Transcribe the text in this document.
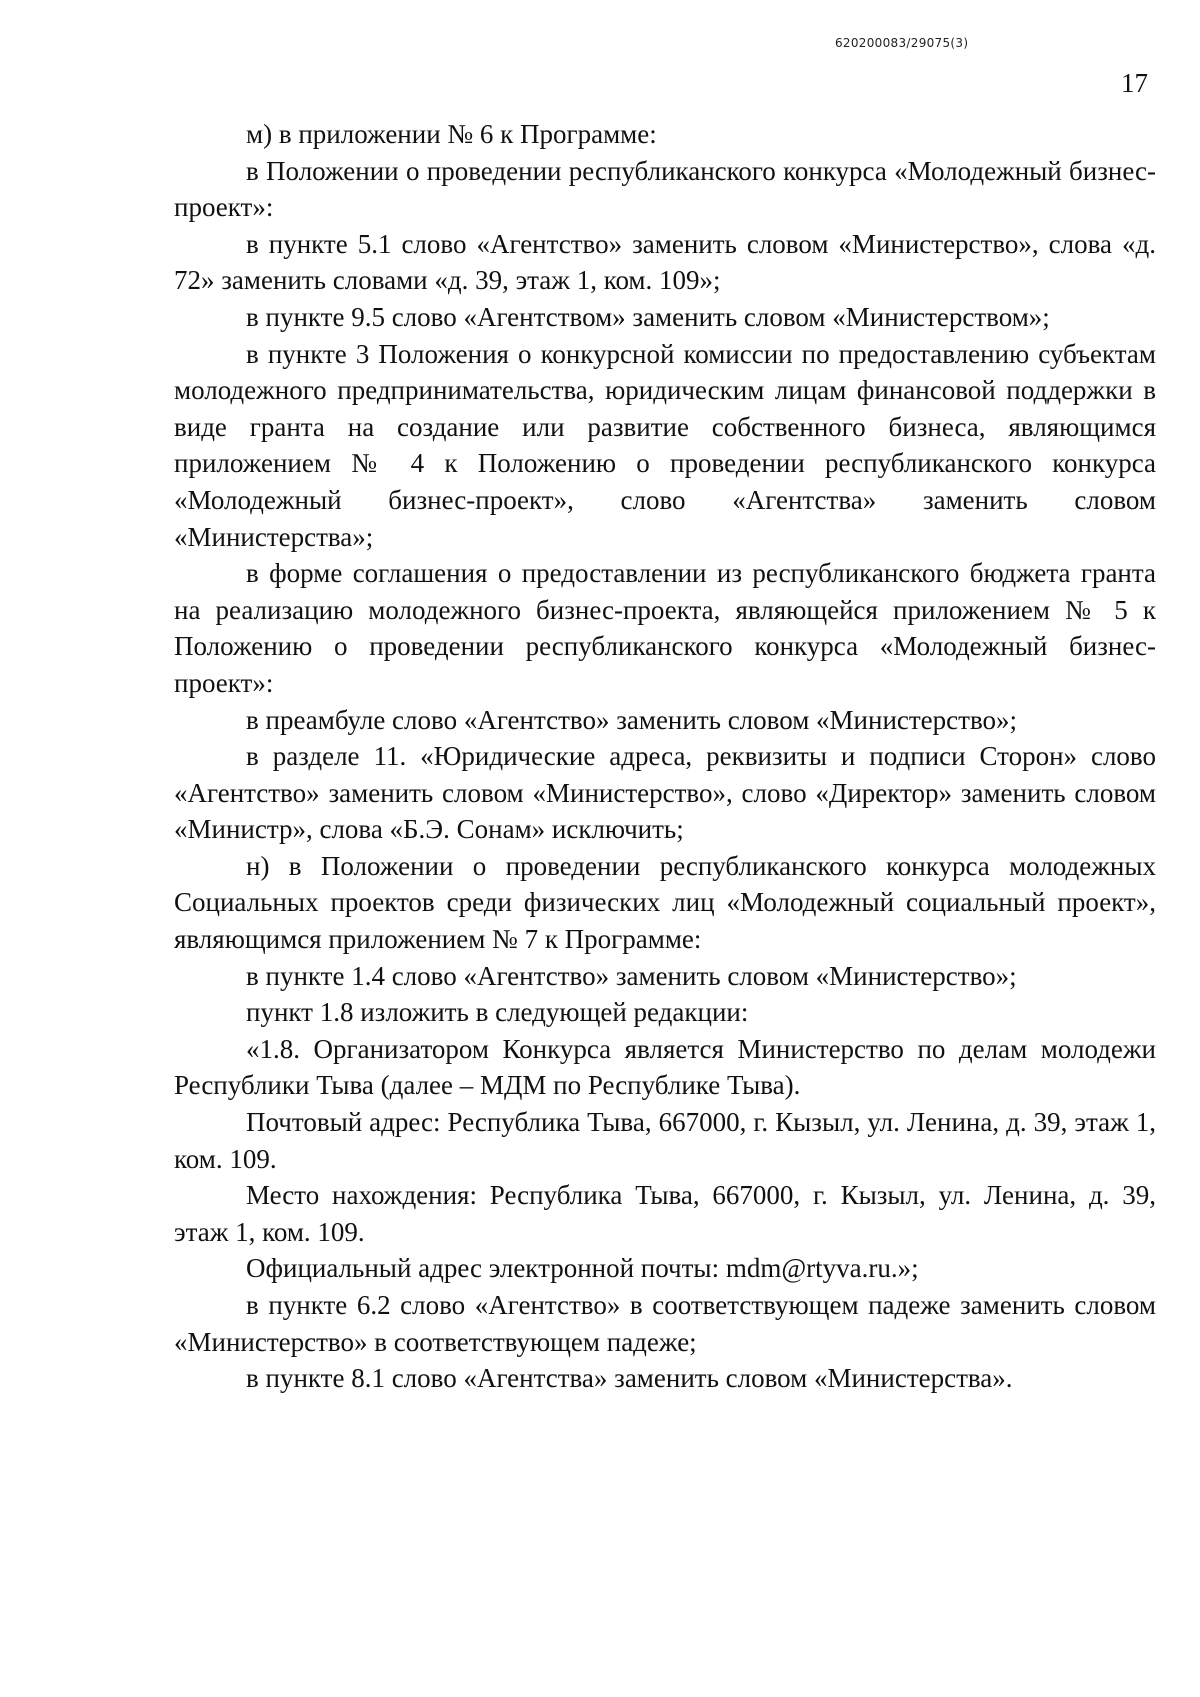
620200083/29075(3)
17

м) в приложении № 6 к Программе:

в Положении о проведении республиканского конкурса «Молодежный бизнес-проект»:

в пункте 5.1 слово «Агентство» заменить словом «Министерство», слова «д. 72» заменить словами «д. 39, этаж 1, ком. 109»;

в пункте 9.5 слово «Агентством» заменить словом «Министерством»;

в пункте 3 Положения о конкурсной комиссии по предоставлению субъектам молодежного предпринимательства, юридическим лицам финансовой поддержки в виде гранта на создание или развитие собственного бизнеса, являющимся приложением № 4 к Положению о проведении республиканского конкурса «Молодежный бизнес-проект», слово «Агентства» заменить словом «Министерства»;

в форме соглашения о предоставлении из республиканского бюджета гранта на реализацию молодежного бизнес-проекта, являющейся приложением № 5 к Положению о проведении республиканского конкурса «Молодежный бизнес-проект»:

в преамбуле слово «Агентство» заменить словом «Министерство»;

в разделе 11. «Юридические адреса, реквизиты и подписи Сторон» слово «Агентство» заменить словом «Министерство», слово «Директор» заменить словом «Министр», слова «Б.Э. Сонам» исключить;

н) в Положении о проведении республиканского конкурса молодежных Социальных проектов среди физических лиц «Молодежный социальный проект», являющимся приложением № 7 к Программе:

в пункте 1.4 слово «Агентство» заменить словом «Министерство»;

пункт 1.8 изложить в следующей редакции:

«1.8. Организатором Конкурса является Министерство по делам молодежи Республики Тыва (далее – МДМ по Республике Тыва).

Почтовый адрес: Республика Тыва, 667000, г. Кызыл, ул. Ленина, д. 39, этаж 1, ком. 109.

Место нахождения: Республика Тыва, 667000, г. Кызыл, ул. Ленина, д. 39, этаж 1, ком. 109.

Официальный адрес электронной почты: mdm@rtyva.ru.»;

в пункте 6.2 слово «Агентство» в соответствующем падеже заменить словом «Министерство» в соответствующем падеже;

в пункте 8.1 слово «Агентства» заменить словом «Министерства».
